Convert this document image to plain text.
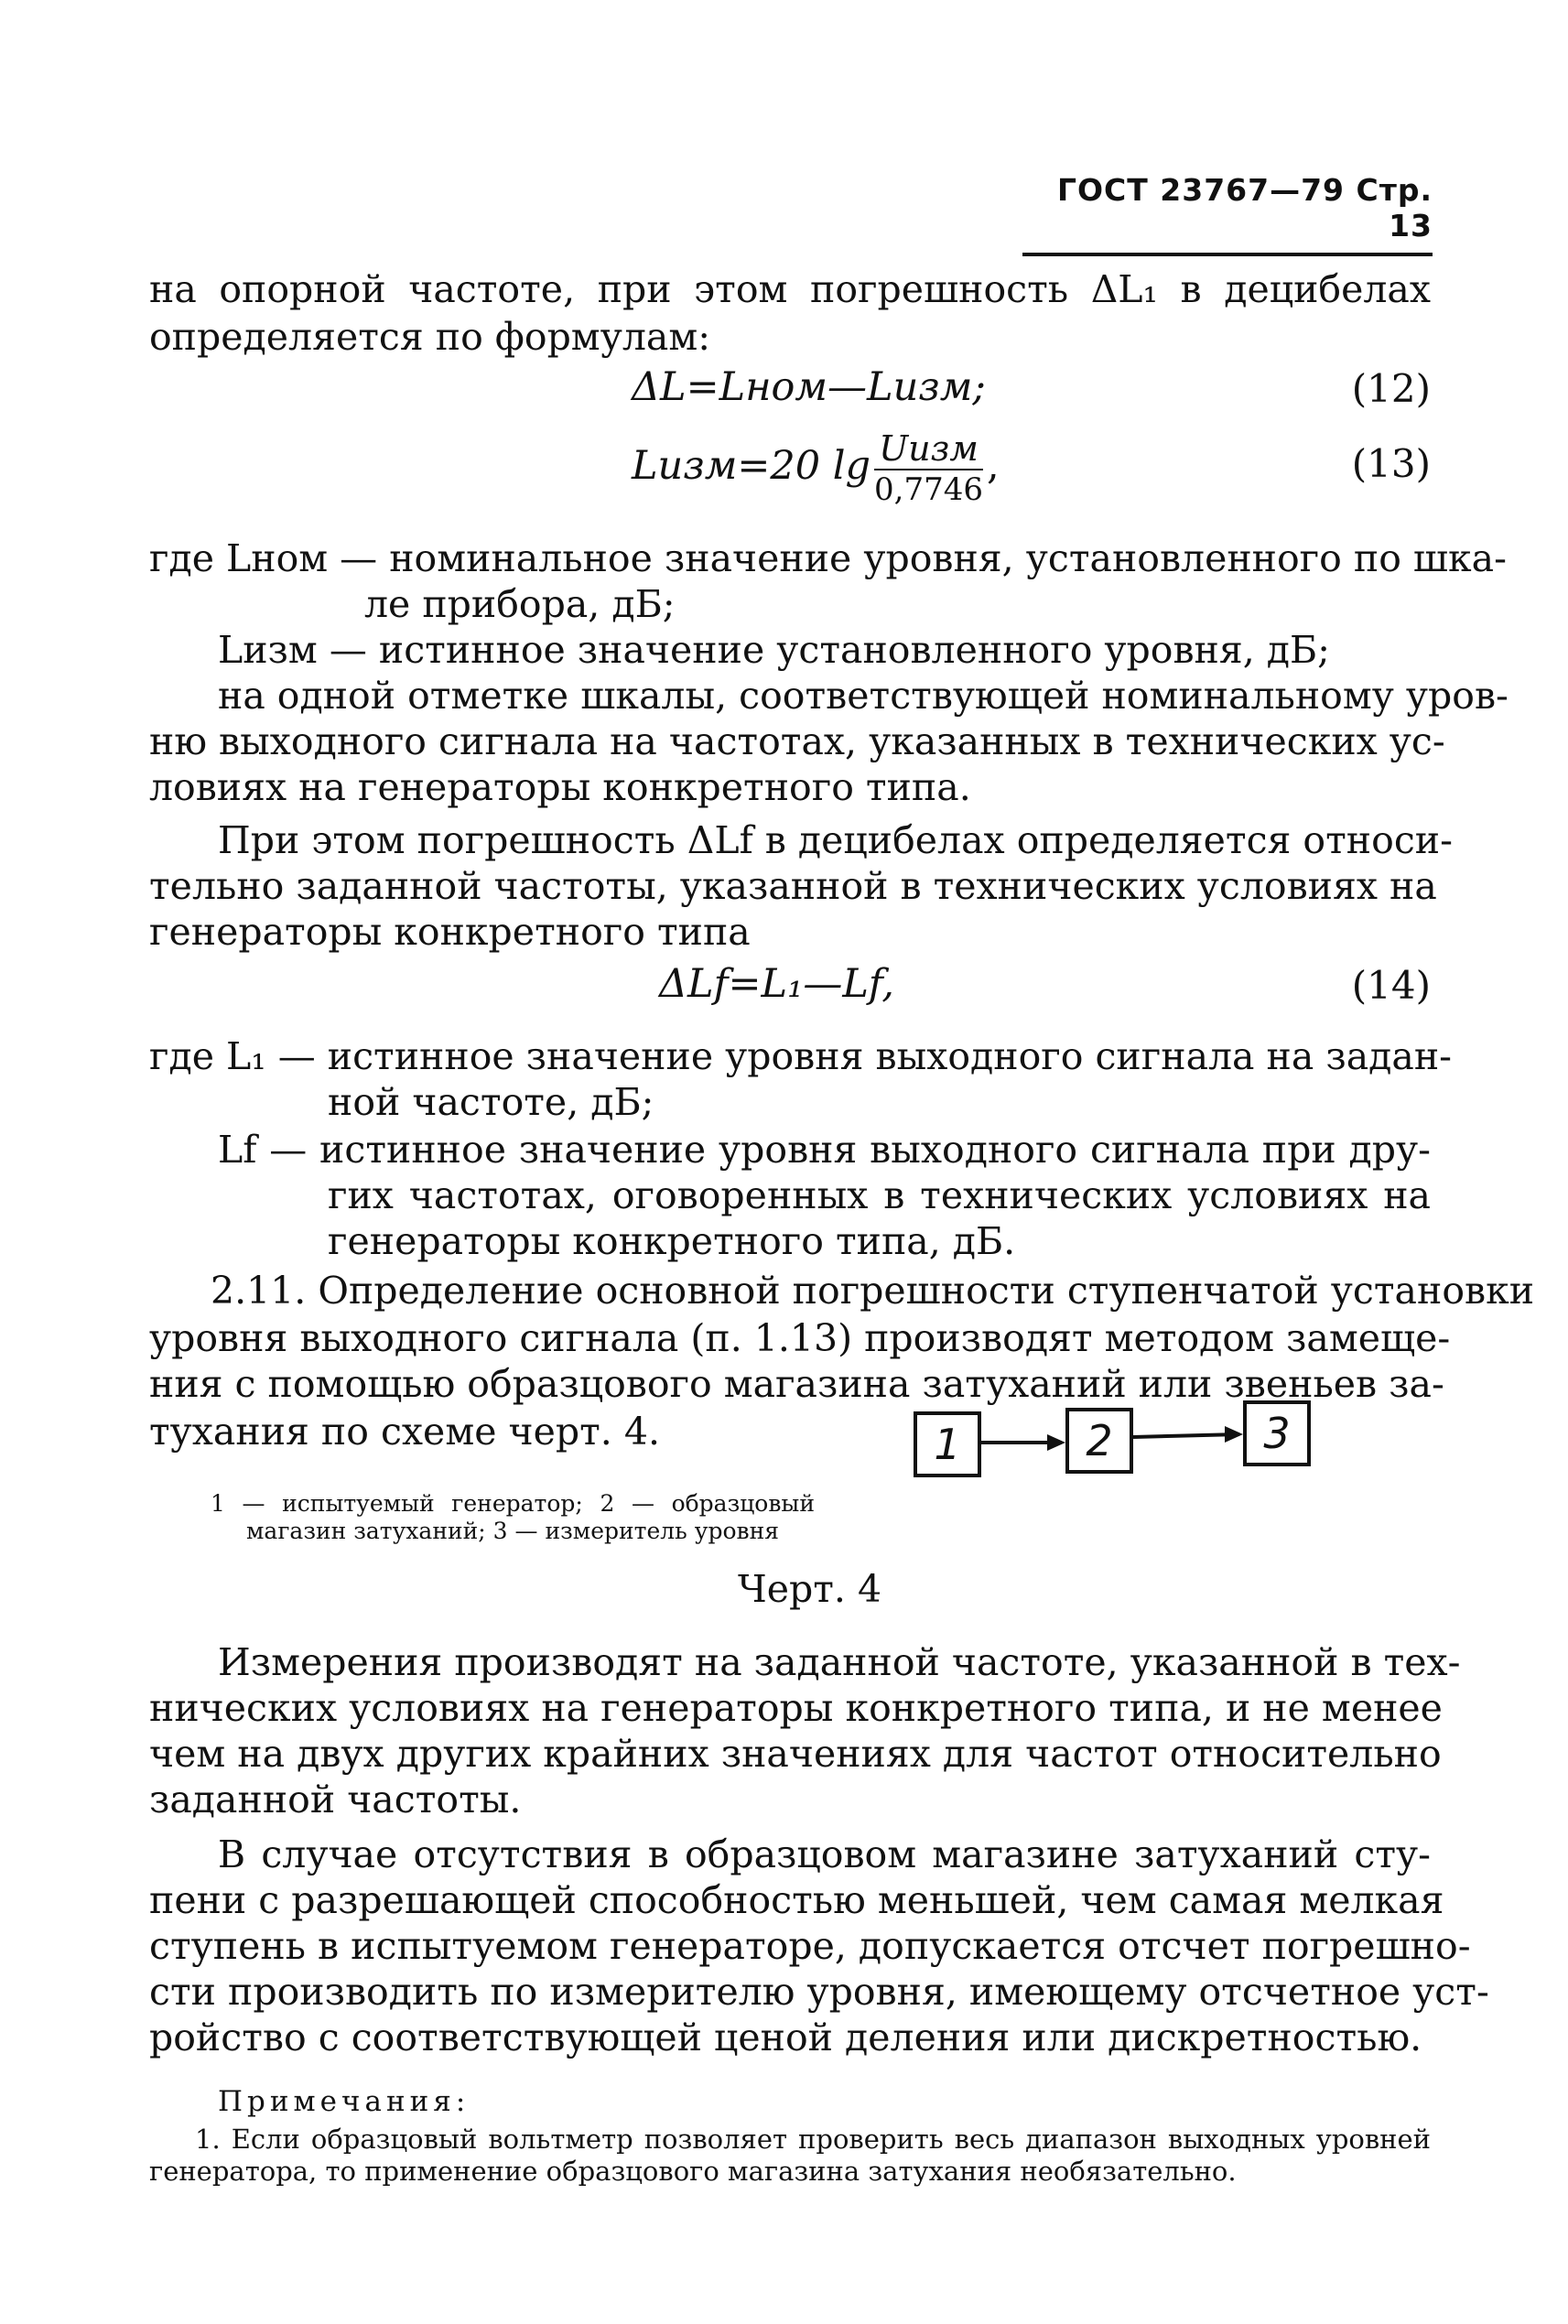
ГОСТ 23767—79 Стр. 13
на опорной частоте, при этом погрешность ΔL₁ в децибелах
определяется по формулам:
ΔL=Lном—Lизм;	(12)
Lизм=20 $\lg \frac{\text{Uизм}}{0,7746}$ ,	(13)
где Lном — номинальное значение уровня, установленного по шка-
ле прибора, дБ;
Lизм — истинное значение установленного уровня, дБ;
на одной отметке шкалы, соответствующей номинальному уров-
ню выходного сигнала на частотах, указанных в технических ус-
ловиях на генераторы конкретного типа.
При этом погрешность ΔLf в децибелах определяется относи-
тельно заданной частоты, указанной в технических условиях на
генераторы конкретного типа
ΔLf=L₁—Lf,	(14)
где L₁ — истинное значение уровня выходного сигнала на задан-
ной частоте, дБ;
Lf — истинное значение уровня выходного сигнала при дру-
гих частотах, оговоренных в технических условиях на
генераторы конкретного типа, дБ.
2.11. Определение основной погрешности ступенчатой установки
уровня выходного сигнала (п. 1.13) производят методом замеще-
ния с помощью образцового магазина затуханий или звеньев за-
тухания по схеме черт. 4.
1 — испытуемый генератор; 2 — образцовый магазин затуханий; 3 — измеритель уровня
1	2	3
Черт. 4
Измерения производят на заданной частоте, указанной в тех-
нических условиях на генераторы конкретного типа, и не менее
чем на двух других крайних значениях для частот относительно
заданной частоты.
В случае отсутствия в образцовом магазине затуханий сту-
пени с разрешающей способностью меньшей, чем самая мелкая
ступень в испытуемом генераторе, допускается отсчет погрешно-
сти производить по измерителю уровня, имеющему отсчетное уст-
ройство с соответствующей ценой деления или дискретностью.
Примечания:
1. Если образцовый вольтметр позволяет проверить весь диапазон выходных уровней генератора, то применение образцового магазина затухания необязательно.
